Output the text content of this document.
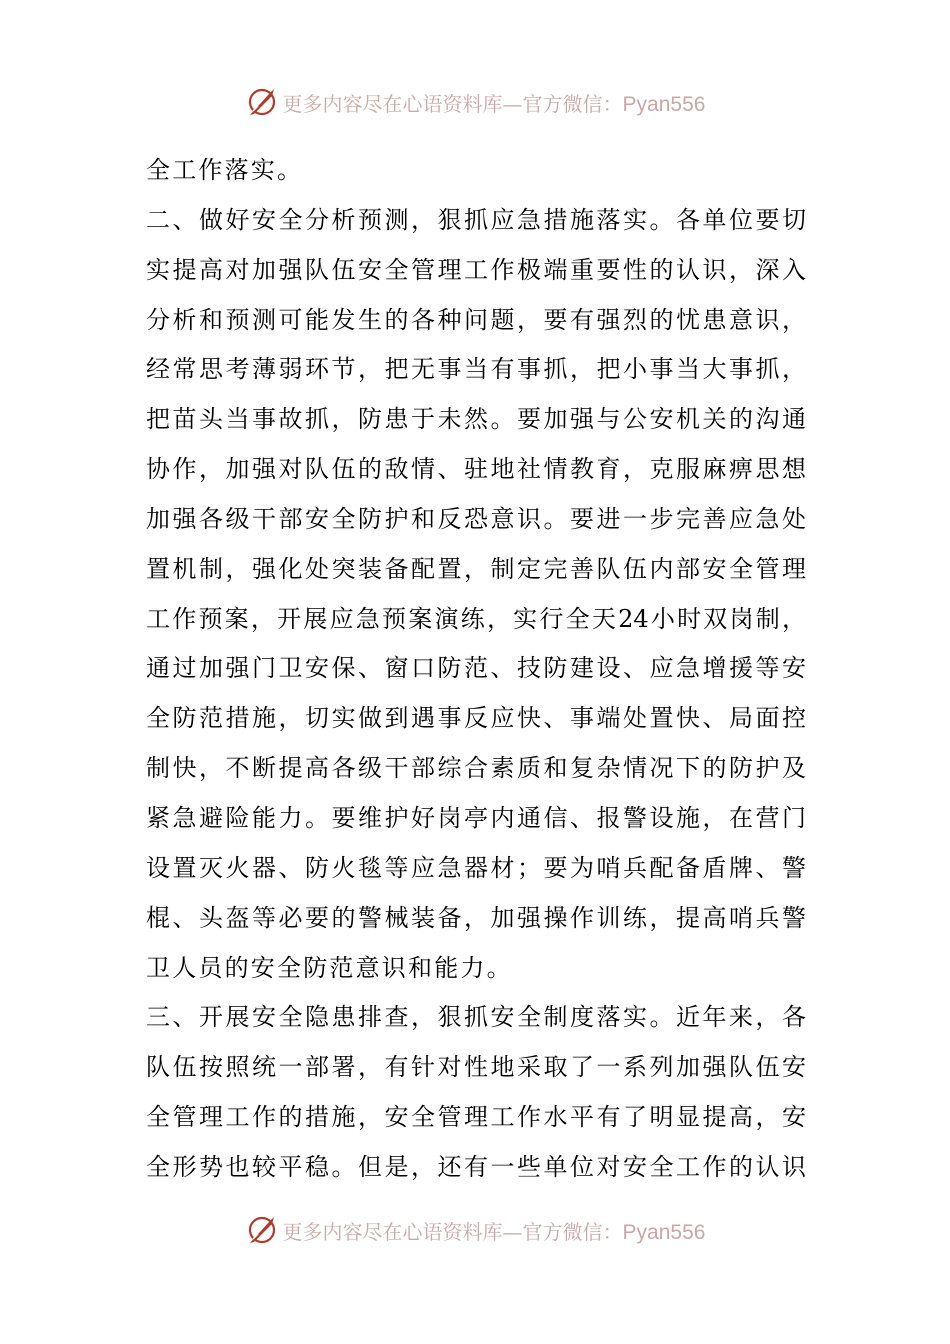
更多内容尽在心语资料库—官方微信：Pyan556
全工作落实。
二、做好安全分析预测，狠抓应急措施落实。各单位要切
实提高对加强队伍安全管理工作极端重要性的认识，深入
分析和预测可能发生的各种问题，要有强烈的忧患意识，
经常思考薄弱环节，把无事当有事抓，把小事当大事抓，
把苗头当事故抓，防患于未然。要加强与公安机关的沟通
协作，加强对队伍的敌情、驻地社情教育，克服麻痹思想
加强各级干部安全防护和反恐意识。要进一步完善应急处
置机制，强化处突装备配置，制定完善队伍内部安全管理
工作预案，开展应急预案演练，实行全天24小时双岗制，
通过加强门卫安保、窗口防范、技防建设、应急增援等安
全防范措施，切实做到遇事反应快、事端处置快、局面控
制快，不断提高各级干部综合素质和复杂情况下的防护及
紧急避险能力。要维护好岗亭内通信、报警设施，在营门
设置灭火器、防火毯等应急器材；要为哨兵配备盾牌、警
棍、头盔等必要的警械装备，加强操作训练，提高哨兵警
卫人员的安全防范意识和能力。
三、开展安全隐患排查，狠抓安全制度落实。近年来，各
队伍按照统一部署，有针对性地采取了一系列加强队伍安
全管理工作的措施，安全管理工作水平有了明显提高，安
全形势也较平稳。但是，还有一些单位对安全工作的认识
更多内容尽在心语资料库—官方微信：Pyan556
